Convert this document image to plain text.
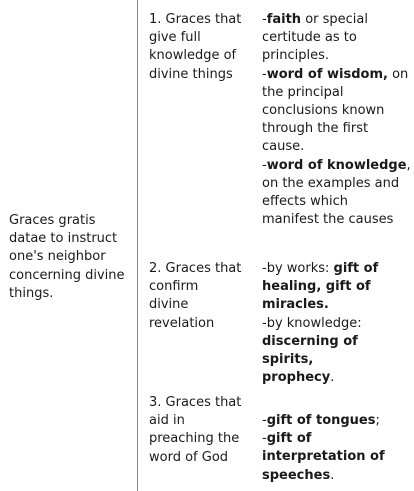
Graces gratis
datae to instruct
one's neighbor
concerning divine
things.
1. Graces that
give full
knowledge of
divine things
-faith or special
certitude as to
principles.
-word of wisdom, on
the principal
conclusions known
through the first
cause.
-word of knowledge,
on the examples and
effects which
manifest the causes
2. Graces that
confirm
divine
revelation
-by works: gift of
healing, gift of
miracles.
-by knowledge:
discerning of spirits,
prophecy.
3. Graces that
aid in
preaching the
word of God
-gift of tongues;
-gift of
interpretation of
speeches.
